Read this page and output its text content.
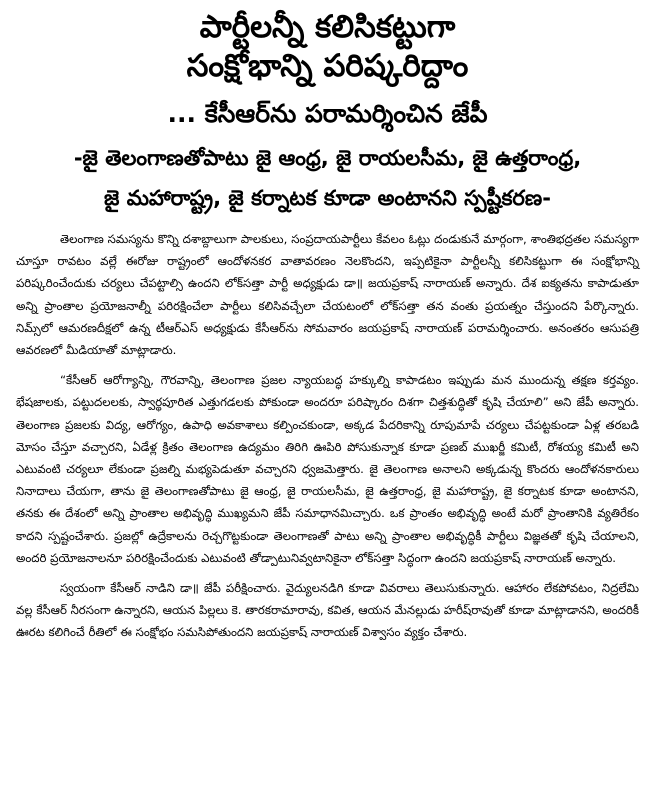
పార్టీలన్నీ కలిసికట్టుగా
సంక్షోభాన్ని పరిష్కరిద్దాం
... కేసీఆర్‌ను పరామర్శించిన జేపీ
-జై తెలంగాణతోపాటు జై ఆంధ్ర, జై రాయలసీమ, జై ఉత్తరాంధ్ర,
జై మహారాష్ట్ర, జై కర్నాటక కూడా అంటానని స్పష్టీకరణ-

తెలంగాణ సమస్యను కొన్ని దశాబ్దాలుగా పాలకులు, సంప్రదాయపార్టీలు కేవలం ఓట్లు దండుకునే మార్గంగా, శాంతిభద్రతల సమస్యగా చూస్తూ రావటం వల్లే ఈరోజు రాష్ట్రంలో ఆందోళనకర వాతావరణం నెలకొందని, ఇప్పటికైనా పార్టీలన్నీ కలిసికట్టుగా ఈ సంక్షోభాన్ని పరిష్కరించేందుకు చర్యలు చేపట్టాల్సి ఉందని లోక్‌సత్తా పార్టీ అధ్యక్షుడు డా॥ జయప్రకాష్ నారాయణ్ అన్నారు. దేశ ఐక్యతను కాపాడుతూ అన్ని ప్రాంతాల ప్రయోజనాల్నీ పరిరక్షించేలా పార్టీలు కలిసివచ్చేలా చేయటంలో లోక్‌సత్తా తన వంతు ప్రయత్నం చేస్తుందని పేర్కొన్నారు. నిమ్స్‌లో ఆమరణదీక్షలో ఉన్న టీఆర్ఎస్ అధ్యక్షుడు కేసీఆర్‌ను సోమవారం జయప్రకాష్ నారాయణ్ పరామర్శించారు. అనంతరం ఆసుపత్రి ఆవరణలో మీడియాతో మాట్లాడారు.

“కేసీఆర్ ఆరోగ్యాన్ని, గౌరవాన్ని, తెలంగాణ ప్రజల న్యాయబద్ధ హక్కుల్ని కాపాడటం ఇప్పుడు మన ముందున్న తక్షణ కర్తవ్యం. భేషజాలకు, పట్టుదలలకు, స్వార్థపూరిత ఎత్తుగడలకు పోకుండా అందరూ పరిష్కారం దిశగా చిత్తశుద్ధితో కృషి చేయాలి” అని జేపీ అన్నారు. తెలంగాణ ప్రజలకు విద్య, ఆరోగ్యం, ఉపాధి అవకాశాలు కల్పించకుండా, అక్కడ పేదరికాన్ని రూపుమాపే చర్యలు చేపట్టకుండా ఏళ్ల తరబడి మోసం చేస్తూ వచ్చారని, ఏడేళ్ల క్రితం తెలంగాణ ఉద్యమం తిరిగి ఊపిరి పోసుకున్నాక కూడా ప్రణబ్ ముఖర్జీ కమిటీ, రోశయ్య కమిటీ అని ఎటువంటి చర్యలూ లేకుండా ప్రజల్ని మభ్యపెడుతూ వచ్చారని ధ్వజమెత్తారు. జై తెలంగాణ అనాలని అక్కడున్న కొందరు ఆందోళనకారులు నినాదాలు చేయగా, తాను జై తెలంగాణతోపాటు జై ఆంధ్ర, జై రాయలసీమ, జై ఉత్తరాంధ్ర, జై మహారాష్ట్ర, జై కర్నాటక కూడా అంటానని, తనకు ఈ దేశంలో అన్ని ప్రాంతాల అభివృద్ధి ముఖ్యమని జేపీ సమాధానమిచ్చారు. ఒక ప్రాంతం అభివృద్ధి అంటే మరో ప్రాంతానికి వ్యతిరేకం కాదని స్పష్టంచేశారు. ప్రజల్లో ఉద్రేకాలను రెచ్చగొట్టకుండా తెలంగాణతో పాటు అన్ని ప్రాంతాల అభివృద్ధికీ పార్టీలు విజ్ఞతతో కృషి చేయాలని, అందరి ప్రయోజనాలనూ పరిరక్షించేందుకు ఎటువంటి తోడ్పాటునివ్వటానికైనా లోక్‌సత్తా సిద్ధంగా ఉందని జయప్రకాష్ నారాయణ్ అన్నారు.

స్వయంగా కేసీఆర్ నాడిని డా॥ జేపీ పరీక్షించారు. వైద్యులనడిగి కూడా వివరాలు తెలుసుకున్నారు. ఆహారం లేకపోవటం, నిద్రలేమి వల్ల కేసీఆర్ నీరసంగా ఉన్నారని, ఆయన పిల్లలు కె. తారకరామారావు, కవిత, ఆయన మేనల్లుడు హరీష్‌రావుతో కూడా మాట్లాడానని, అందరికీ ఊరట కలిగించే రీతిలో ఈ సంక్షోభం సమసిపోతుందని జయప్రకాష్ నారాయణ్ విశ్వాసం వ్యక్తం చేశారు.
